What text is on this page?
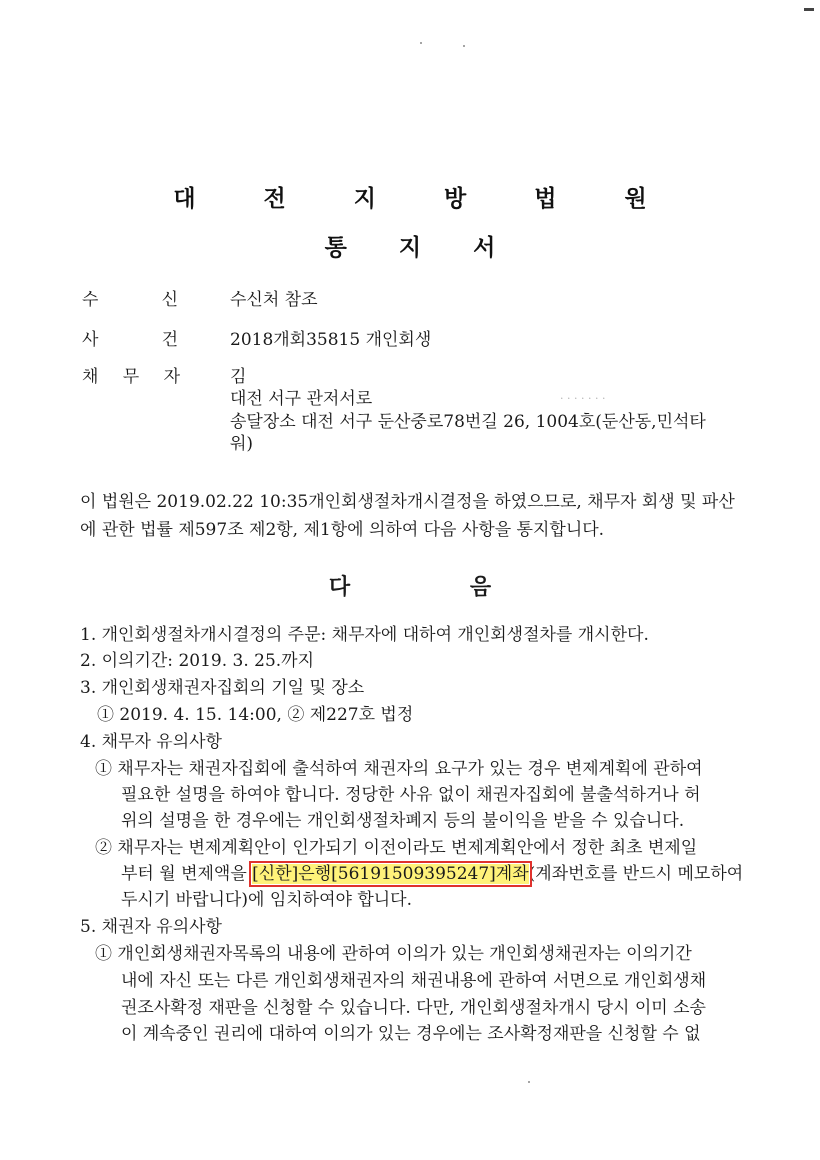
대 전 지 방 법 원
통 지 서
수	신	수신처 참조
사	건	2018개회35815 개인회생
채 무 자	김
대전 서구 관저서로	· · · · · · ·
송달장소 대전 서구 둔산중로78번길 26, 1004호(둔산동,민석타
워)
이 법원은 2019.02.22 10:35개인회생절차개시결정을 하였으므로, 채무자 회생 및 파산
에 관한 법률 제597조 제2항, 제1항에 의하여 다음 사항을 통지합니다.
다 음
1. 개인회생절차개시결정의 주문: 채무자에 대하여 개인회생절차를 개시한다.
2. 이의기간: 2019. 3. 25.까지
3. 개인회생채권자집회의 기일 및 장소
① 2019. 4. 15. 14:00, ② 제227호 법정
4. 채무자 유의사항
① 채무자는 채권자집회에 출석하여 채권자의 요구가 있는 경우 변제계획에 관하여
필요한 설명을 하여야 합니다. 정당한 사유 없이 채권자집회에 불출석하거나 허
위의 설명을 한 경우에는 개인회생절차폐지 등의 불이익을 받을 수 있습니다.
② 채무자는 변제계획안이 인가되기 이전이라도 변제계획안에서 정한 최초 변제일
부터 월 변제액을 [신한]은행[56191509395247]계좌(계좌번호를 반드시 메모하여
두시기 바랍니다)에 임치하여야 합니다.
5. 채권자 유의사항
① 개인회생채권자목록의 내용에 관하여 이의가 있는 개인회생채권자는 이의기간
내에 자신 또는 다른 개인회생채권자의 채권내용에 관하여 서면으로 개인회생채
권조사확정 재판을 신청할 수 있습니다. 다만, 개인회생절차개시 당시 이미 소송
이 계속중인 권리에 대하여 이의가 있는 경우에는 조사확정재판을 신청할 수 없
